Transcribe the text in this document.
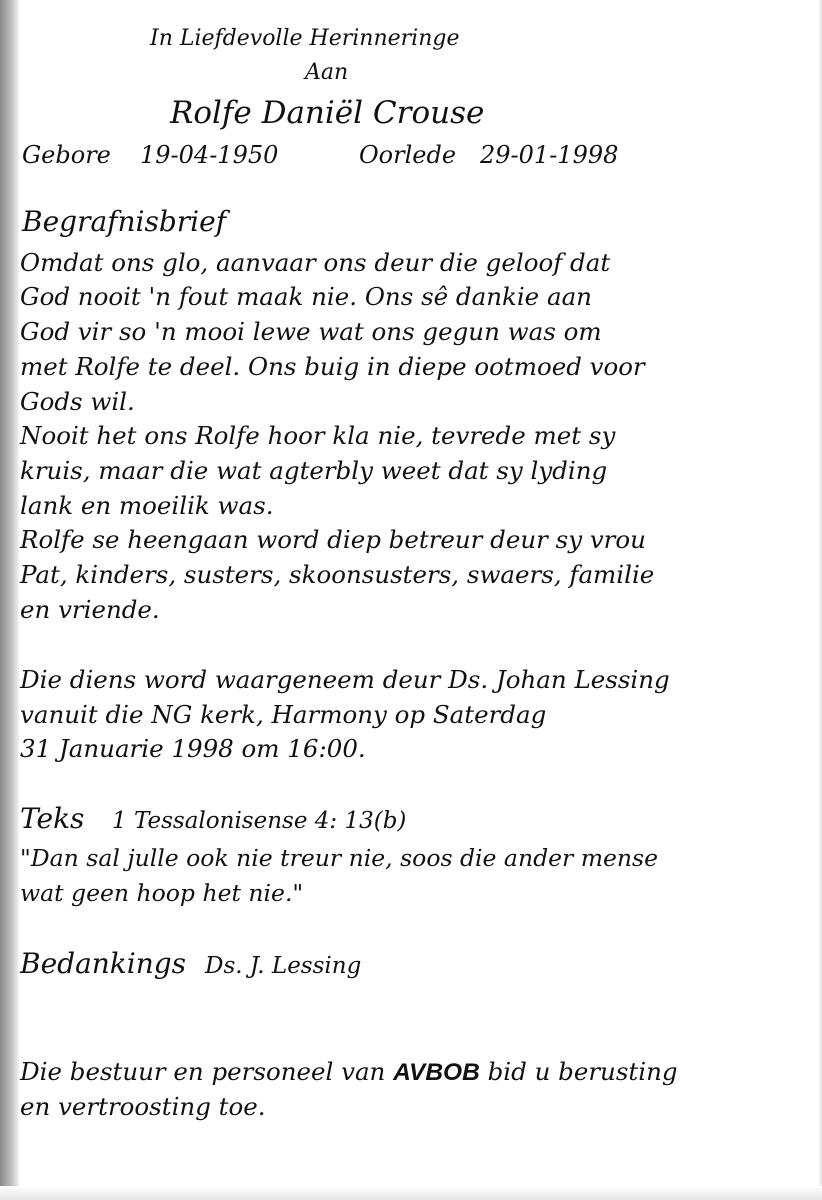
In Liefdevolle Herinneringe
Aan
Rolfe Daniël Crouse
Gebore 19-04-1950	Oorlede 29-01-1998
Begrafnisbrief
Omdat ons glo, aanvaar ons deur die geloof dat
God nooit 'n fout maak nie. Ons sê dankie aan
God vir so 'n mooi lewe wat ons gegun was om
met Rolfe te deel. Ons buig in diepe ootmoed voor
Gods wil.
Nooit het ons Rolfe hoor kla nie, tevrede met sy
kruis, maar die wat agterbly weet dat sy lyding
lank en moeilik was.
Rolfe se heengaan word diep betreur deur sy vrou
Pat, kinders, susters, skoonsusters, swaers, familie
en vriende.
Die diens word waargeneem deur Ds. Johan Lessing
vanuit die NG kerk, Harmony op Saterdag
31 Januarie 1998 om 16:00.
Teks 1 Tessalonisense 4: 13(b)
"Dan sal julle ook nie treur nie, soos die ander mense
wat geen hoop het nie."
Bedankings Ds. J. Lessing
Die bestuur en personeel van AVBOB bid u berusting
en vertroosting toe.
